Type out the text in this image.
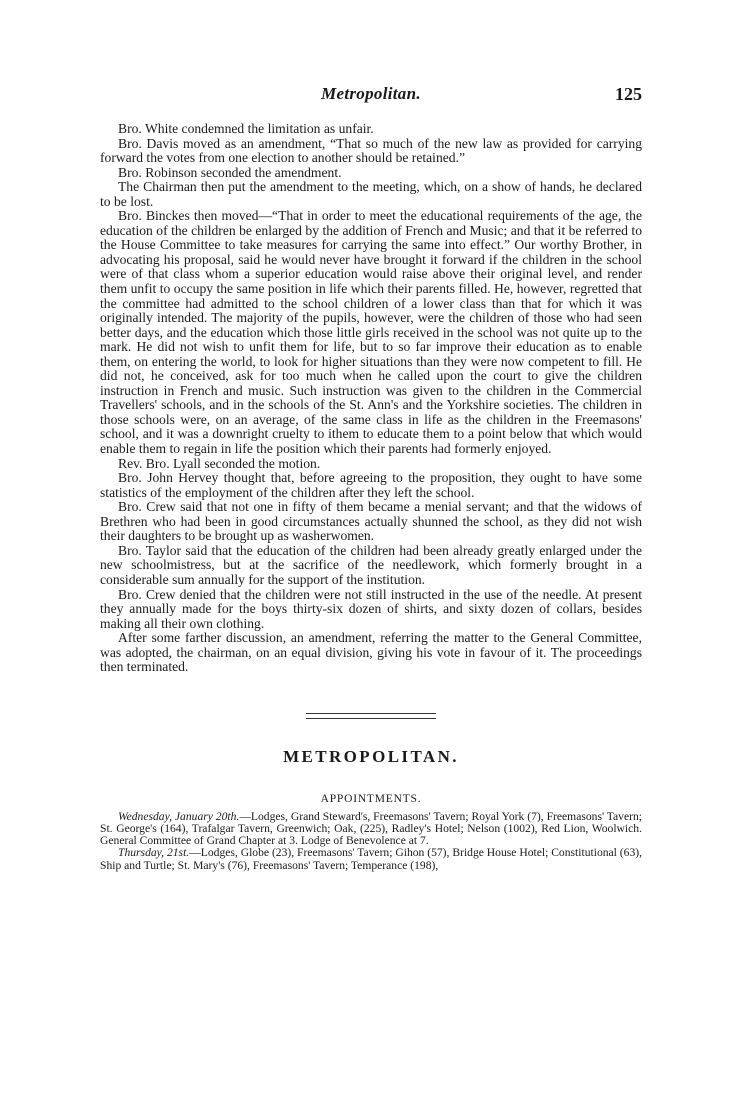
Metropolitan.	125

Bro. White condemned the limitation as unfair.

Bro. Davis moved as an amendment, “That so much of the new law as provided for carrying forward the votes from one election to another should be retained.”

Bro. Robinson seconded the amendment.

The Chairman then put the amendment to the meeting, which, on a show of hands, he declared to be lost.

Bro. Binckes then moved—“That in order to meet the educational requirements of the age, the education of the children be enlarged by the addition of French and Music; and that it be referred to the House Committee to take measures for carrying the same into effect.” Our worthy Brother, in advocating his proposal, said he would never have brought it forward if the children in the school were of that class whom a superior education would raise above their original level, and render them unfit to occupy the same position in life which their parents filled. He, however, regretted that the committee had admitted to the school children of a lower class than that for which it was originally intended. The majority of the pupils, however, were the children of those who had seen better days, and the education which those little girls received in the school was not quite up to the mark. He did not wish to unfit them for life, but to so far improve their education as to enable them, on entering the world, to look for higher situations than they were now competent to fill. He did not, he conceived, ask for too much when he called upon the court to give the children instruction in French and music. Such instruction was given to the children in the Commercial Travellers' schools, and in the schools of the St. Ann's and the Yorkshire societies. The children in those schools were, on an average, of the same class in life as the children in the Freemasons' school, and it was a downright cruelty to ithem to educate them to a point below that which would enable them to regain in life the position which their parents had formerly enjoyed.

Rev. Bro. Lyall seconded the motion.

Bro. John Hervey thought that, before agreeing to the proposition, they ought to have some statistics of the employment of the children after they left the school.

Bro. Crew said that not one in fifty of them became a menial servant; and that the widows of Brethren who had been in good circumstances actually shunned the school, as they did not wish their daughters to be brought up as washerwomen.

Bro. Taylor said that the education of the children had been already greatly enlarged under the new schoolmistress, but at the sacrifice of the needlework, which formerly brought in a considerable sum annually for the support of the institution.

Bro. Crew denied that the children were not still instructed in the use of the needle. At present they annually made for the boys thirty-six dozen of shirts, and sixty dozen of collars, besides making all their own clothing.

After some farther discussion, an amendment, referring the matter to the General Committee, was adopted, the chairman, on an equal division, giving his vote in favour of it. The proceedings then terminated.

METROPOLITAN.
APPOINTMENTS.

Wednesday, January 20th.—Lodges, Grand Steward's, Freemasons' Tavern; Royal York (7), Freemasons' Tavern; St. George's (164), Trafalgar Tavern, Greenwich; Oak, (225), Radley's Hotel; Nelson (1002), Red Lion, Woolwich. General Committee of Grand Chapter at 3. Lodge of Benevolence at 7.

Thursday, 21st.—Lodges, Globe (23), Freemasons' Tavern; Gihon (57), Bridge House Hotel; Constitutional (63), Ship and Turtle; St. Mary's (76), Freemasons' Tavern; Temperance (198),
